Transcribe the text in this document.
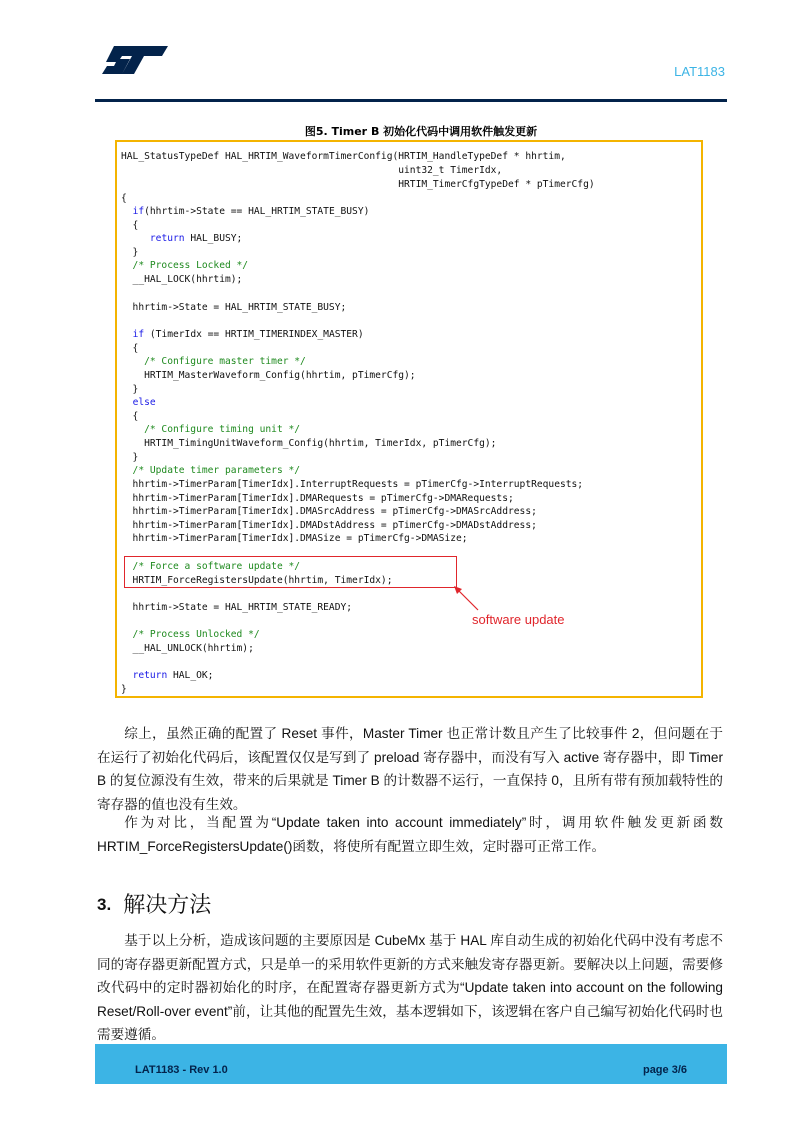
LAT1183
图5. Timer B 初始化代码中调用软件触发更新
HAL_StatusTypeDef HAL_HRTIM_WaveformTimerConfig(HRTIM_HandleTypeDef * hhrtim,
uint32_t TimerIdx,
HRTIM_TimerCfgTypeDef * pTimerCfg)
{
if(hhrtim->State == HAL_HRTIM_STATE_BUSY)
{
return HAL_BUSY;
}
/* Process Locked */
__HAL_LOCK(hhrtim);
hhrtim->State = HAL_HRTIM_STATE_BUSY;
if (TimerIdx == HRTIM_TIMERINDEX_MASTER)
{
/* Configure master timer */
HRTIM_MasterWaveform_Config(hhrtim, pTimerCfg);
}
else
{
/* Configure timing unit */
HRTIM_TimingUnitWaveform_Config(hhrtim, TimerIdx, pTimerCfg);
}
/* Update timer parameters */
hhrtim->TimerParam[TimerIdx].InterruptRequests = pTimerCfg->InterruptRequests;
hhrtim->TimerParam[TimerIdx].DMARequests = pTimerCfg->DMARequests;
hhrtim->TimerParam[TimerIdx].DMASrcAddress = pTimerCfg->DMASrcAddress;
hhrtim->TimerParam[TimerIdx].DMADstAddress = pTimerCfg->DMADstAddress;
hhrtim->TimerParam[TimerIdx].DMASize = pTimerCfg->DMASize;
/* Force a software update */
HRTIM_ForceRegistersUpdate(hhrtim, TimerIdx);
hhrtim->State = HAL_HRTIM_STATE_READY;
/* Process Unlocked */
__HAL_UNLOCK(hhrtim);
return HAL_OK;
}
software update
综上，虽然正确的配置了 Reset 事件，Master Timer 也正常计数且产生了比较事件 2，但问题在于在运行了初始化代码后，该配置仅仅是写到了 preload 寄存器中，而没有写入 active 寄存器中，即 Timer B 的复位源没有生效，带来的后果就是 Timer B 的计数器不运行，一直保持 0，且所有带有预加载特性的寄存器的值也没有生效。
作为对比，当配置为“Update taken into account immediately”时，调用软件触发更新函数 HRTIM_ForceRegistersUpdate()函数，将使所有配置立即生效，定时器可正常工作。
3. 解决方法
基于以上分析，造成该问题的主要原因是 CubeMx 基于 HAL 库自动生成的初始化代码中没有考虑不同的寄存器更新配置方式，只是单一的采用软件更新的方式来触发寄存器更新。要解决以上问题，需要修改代码中的定时器初始化的时序，在配置寄存器更新方式为“Update taken into account on the following Reset/Roll-over event”前，让其他的配置先生效，基本逻辑如下，该逻辑在客户自己编写初始化代码时也需要遵循。
LAT1183 - Rev 1.0	page 3/6
